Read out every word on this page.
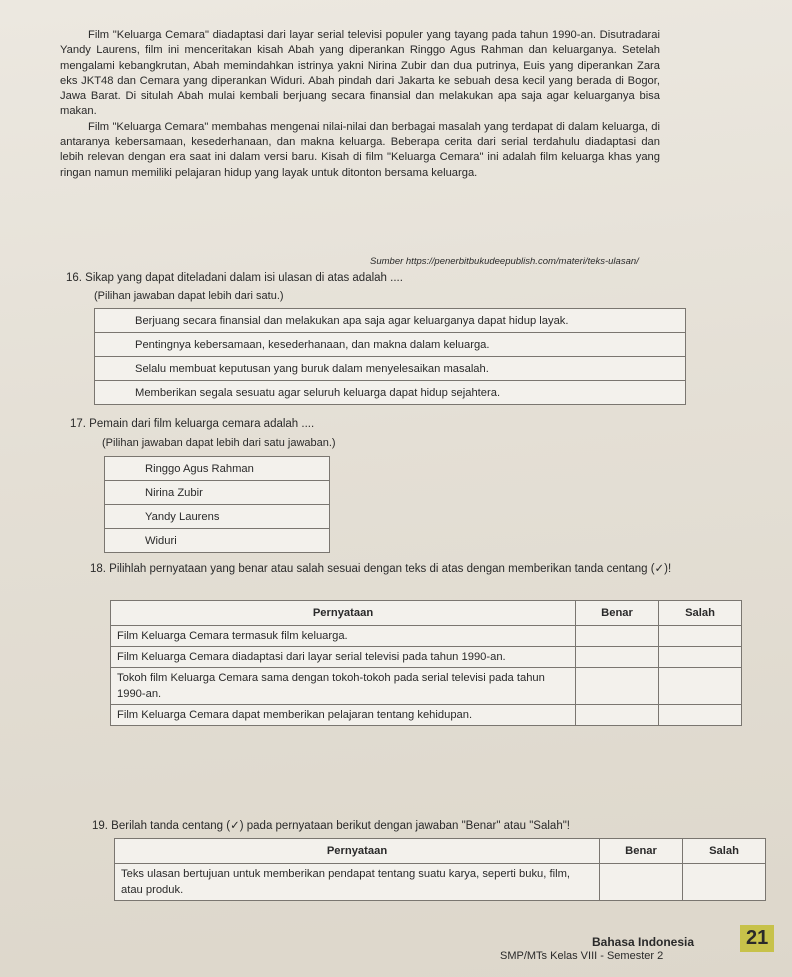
Film "Keluarga Cemara" diadaptasi dari layar serial televisi populer yang tayang pada tahun 1990-an. Disutradarai Yandy Laurens, film ini menceritakan kisah Abah yang diperankan Ringgo Agus Rahman dan keluarganya. Setelah mengalami kebangkrutan, Abah memindahkan istrinya yakni Nirina Zubir dan dua putrinya, Euis yang diperankan Zara eks JKT48 dan Cemara yang diperankan Widuri. Abah pindah dari Jakarta ke sebuah desa kecil yang berada di Bogor, Jawa Barat. Di situlah Abah mulai kembali berjuang secara finansial dan melakukan apa saja agar keluarganya bisa makan.

Film "Keluarga Cemara" membahas mengenai nilai-nilai dan berbagai masalah yang terdapat di dalam keluarga, di antaranya kebersamaan, kesederhanaan, dan makna keluarga. Beberapa cerita dari serial terdahulu diadaptasi dan lebih relevan dengan era saat ini dalam versi baru. Kisah di film "Keluarga Cemara" ini adalah film keluarga khas yang ringan namun memiliki pelajaran hidup yang layak untuk ditonton bersama keluarga.

Sumber https://penerbitbukudeepublish.com/materi/teks-ulasan/
16. Sikap yang dapat diteladani dalam isi ulasan di atas adalah ....
(Pilihan jawaban dapat lebih dari satu.)
Berjuang secara finansial dan melakukan apa saja agar keluarganya dapat hidup layak.
Pentingnya kebersamaan, kesederhanaan, dan makna dalam keluarga.
Selalu membuat keputusan yang buruk dalam menyelesaikan masalah.
Memberikan segala sesuatu agar seluruh keluarga dapat hidup sejahtera.
17. Pemain dari film keluarga cemara adalah ....
(Pilihan jawaban dapat lebih dari satu jawaban.)
Ringgo Agus Rahman
Nirina Zubir
Yandy Laurens
Widuri
18. Pilihlah pernyataan yang benar atau salah sesuai dengan teks di atas dengan memberikan tanda centang (✓)!
Pernyataan	Benar	Salah
Film Keluarga Cemara termasuk film keluarga.		
Film Keluarga Cemara diadaptasi dari layar serial televisi pada tahun 1990-an.		
Tokoh film Keluarga Cemara sama dengan tokoh-tokoh pada serial televisi pada tahun 1990-an.		
Film Keluarga Cemara dapat memberikan pelajaran tentang kehidupan.		
19. Berilah tanda centang (✓) pada pernyataan berikut dengan jawaban "Benar" atau "Salah"!
Pernyataan	Benar	Salah
Teks ulasan bertujuan untuk memberikan pendapat tentang suatu karya, seperti buku, film, atau produk.		
Bahasa Indonesia	21
SMP/MTs Kelas VIII - Semester 2
